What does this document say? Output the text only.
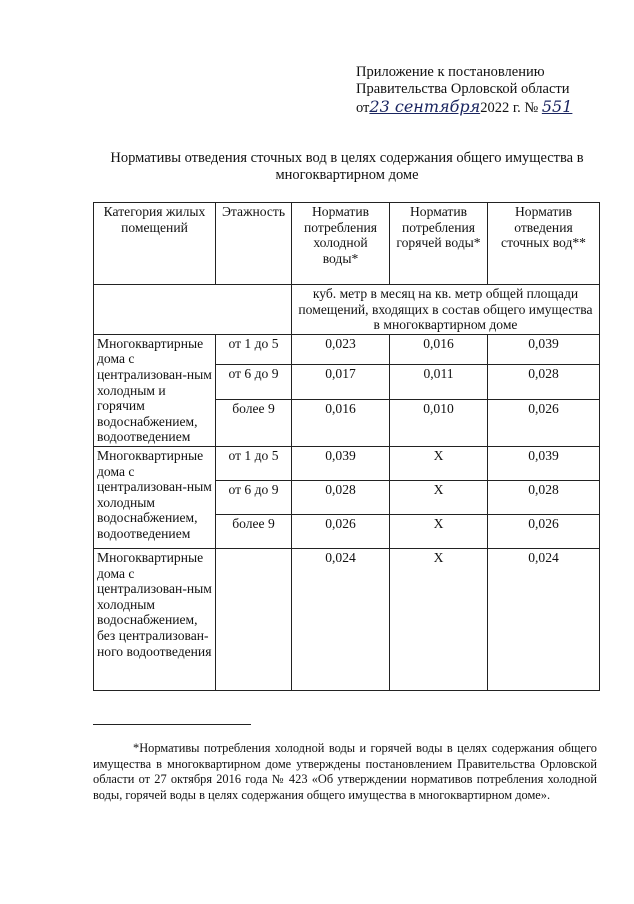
Приложение к постановлению
Правительства Орловской области
от23 сентября2022 г. № 551
Нормативы отведения сточных вод в целях содержания общего имущества в многоквартирном доме
Категория жилых помещений	Этажность	Норматив потребления холодной воды*	Норматив потребления горячей воды*	Норматив отведения сточных вод**
		куб. метр в месяц на кв. метр общей площади помещений, входящих в состав общего имущества в многоквартирном доме		
Многоквартирные дома с централизован-ным холодным и горячим водоснабжением, водоотведением	от 1 до 5	0,023	0,016	0,039
	от 6 до 9	0,017	0,011	0,028
	более 9	0,016	0,010	0,026
Многоквартирные дома с централизован-ным холодным водоснабжением, водоотведением	от 1 до 5	0,039	X	0,039
	от 6 до 9	0,028	X	0,028
	более 9	0,026	X	0,026
Многоквартирные дома с централизован-ным холодным водоснабжением, без централизован-ного водоотведения		0,024	X	0,024
*Нормативы потребления холодной воды и горячей воды в целях содержания общего имущества в многоквартирном доме утверждены постановлением Правительства Орловской области от 27 октября 2016 года № 423 «Об утверждении нормативов потребления холодной воды, горячей воды в целях содержания общего имущества в многоквартирном доме».
